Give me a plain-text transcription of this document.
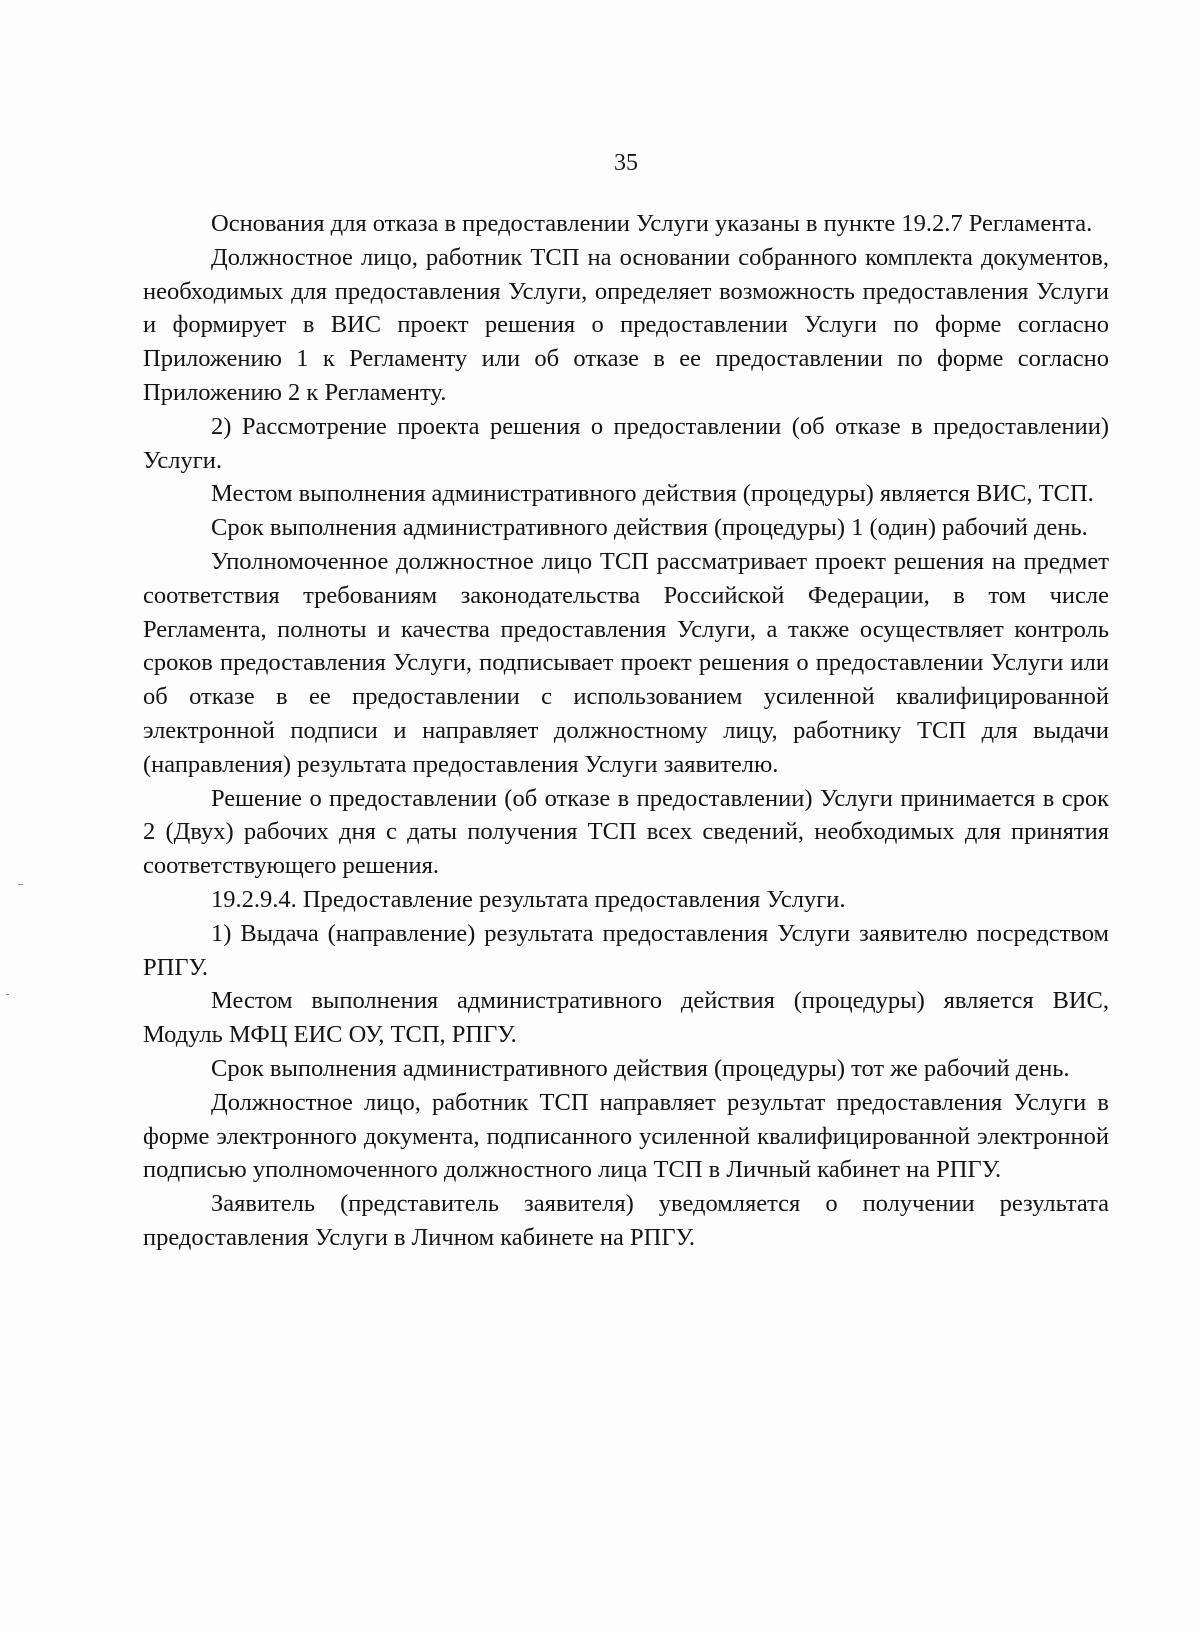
35

Основания для отказа в предоставлении Услуги указаны в пункте 19.2.7 Регламента.

Должностное лицо, работник ТСП на основании собранного комплекта документов, необходимых для предоставления Услуги, определяет возможность предоставления Услуги и формирует в ВИС проект решения о предоставлении Услуги по форме согласно Приложению 1 к Регламенту или об отказе в ее предоставлении по форме согласно Приложению 2 к Регламенту.

2) Рассмотрение проекта решения о предоставлении (об отказе в предоставлении) Услуги.

Местом выполнения административного действия (процедуры) является ВИС, ТСП.

Срок выполнения административного действия (процедуры) 1 (один) рабочий день.

Уполномоченное должностное лицо ТСП рассматривает проект решения на предмет соответствия требованиям законодательства Российской Федерации, в том числе Регламента, полноты и качества предоставления Услуги, а также осуществляет контроль сроков предоставления Услуги, подписывает проект решения о предоставлении Услуги или об отказе в ее предоставлении с использованием усиленной квалифицированной электронной подписи и направляет должностному лицу, работнику ТСП для выдачи (направления) результата предоставления Услуги заявителю.

Решение о предоставлении (об отказе в предоставлении) Услуги принимается в срок 2 (Двух) рабочих дня с даты получения ТСП всех сведений, необходимых для принятия соответствующего решения.

19.2.9.4. Предоставление результата предоставления Услуги.

1) Выдача (направление) результата предоставления Услуги заявителю посредством РПГУ.

Местом выполнения административного действия (процедуры) является ВИС, Модуль МФЦ ЕИС ОУ, ТСП, РПГУ.

Срок выполнения административного действия (процедуры) тот же рабочий день.

Должностное лицо, работник ТСП направляет результат предоставления Услуги в форме электронного документа, подписанного усиленной квалифицированной электронной подписью уполномоченного должностного лица ТСП в Личный кабинет на РПГУ.

Заявитель (представитель заявителя) уведомляется о получении результата предоставления Услуги в Личном кабинете на РПГУ.
